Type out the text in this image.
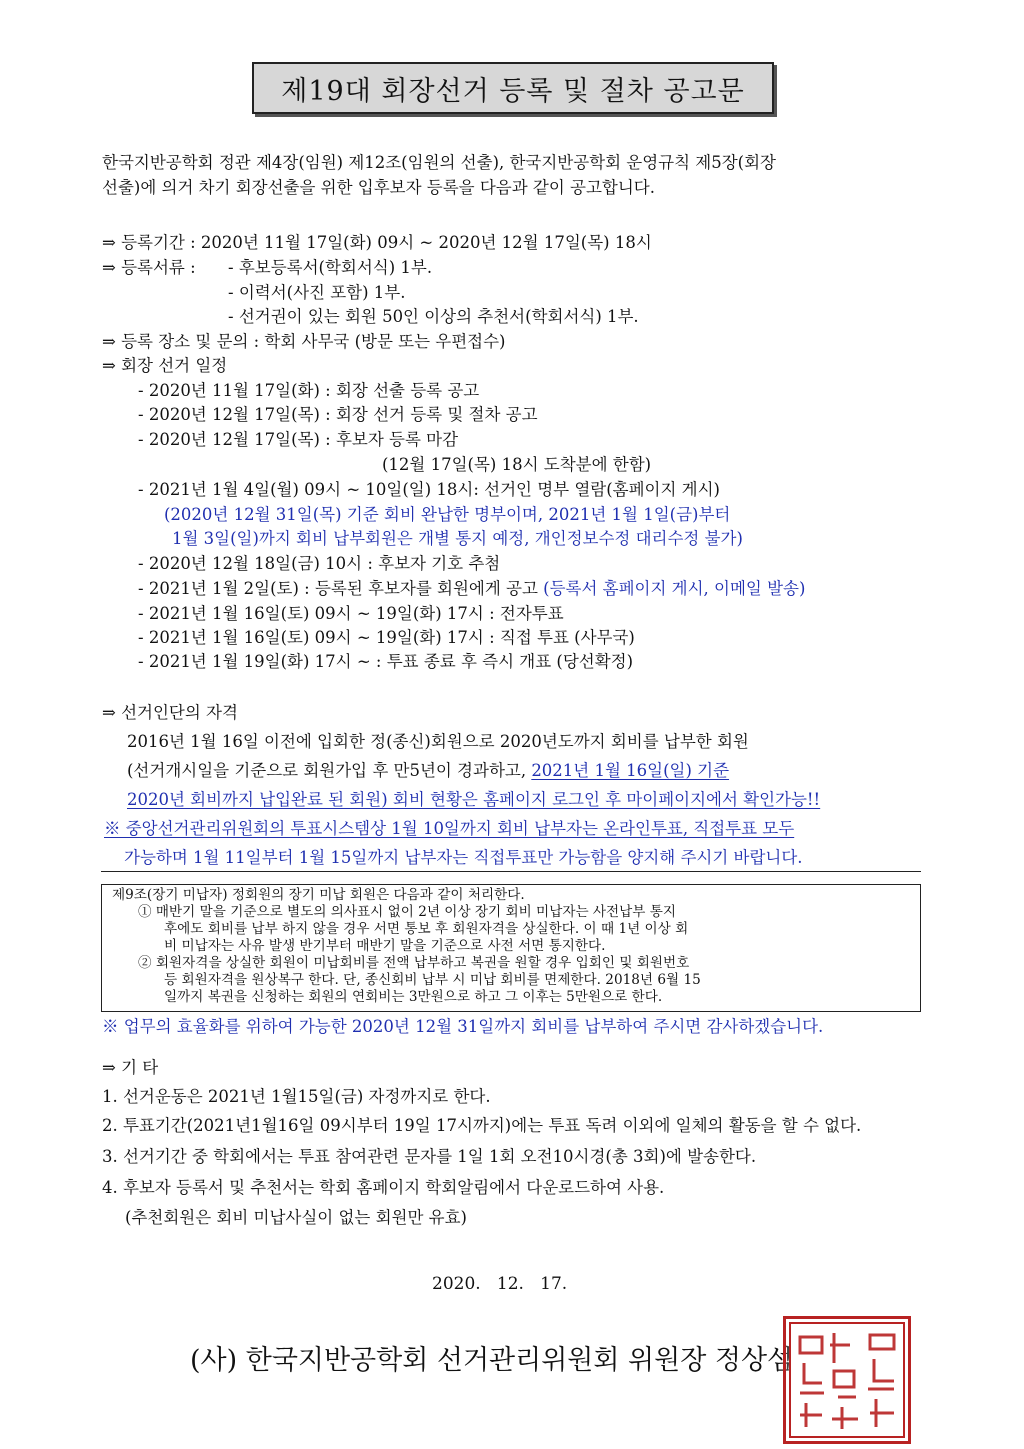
제19대 회장선거 등록 및 절차 공고문
한국지반공학회 정관 제4장(임원) 제12조(임원의 선출), 한국지반공학회 운영규칙 제5장(회장
선출)에 의거 차기 회장선출을 위한 입후보자 등록을 다음과 같이 공고합니다.
⇒ 등록기간 : 2020년 11월 17일(화) 09시 ~ 2020년 12월 17일(목) 18시
⇒ 등록서류 : - 후보등록서(학회서식) 1부.
- 이력서(사진 포함) 1부.
- 선거권이 있는 회원 50인 이상의 추천서(학회서식) 1부.
⇒ 등록 장소 및 문의 : 학회 사무국 (방문 또는 우편접수)
⇒ 회장 선거 일정
- 2020년 11월 17일(화) : 회장 선출 등록 공고
- 2020년 12월 17일(목) : 회장 선거 등록 및 절차 공고
- 2020년 12월 17일(목) : 후보자 등록 마감
(12월 17일(목) 18시 도착분에 한함)
- 2021년 1월 4일(월) 09시 ~ 10일(일) 18시: 선거인 명부 열람(홈페이지 게시)
(2020년 12월 31일(목) 기준 회비 완납한 명부이며, 2021년 1월 1일(금)부터
1월 3일(일)까지 회비 납부회원은 개별 통지 예정, 개인정보수정 대리수정 불가)
- 2020년 12월 18일(금) 10시 : 후보자 기호 추첨
- 2021년 1월 2일(토) : 등록된 후보자를 회원에게 공고 (등록서 홈페이지 게시, 이메일 발송)
- 2021년 1월 16일(토) 09시 ~ 19일(화) 17시 : 전자투표
- 2021년 1월 16일(토) 09시 ~ 19일(화) 17시 : 직접 투표 (사무국)
- 2021년 1월 19일(화) 17시 ~ : 투표 종료 후 즉시 개표 (당선확정)
⇒ 선거인단의 자격
2016년 1월 16일 이전에 입회한 정(종신)회원으로 2020년도까지 회비를 납부한 회원
(선거개시일을 기준으로 회원가입 후 만5년이 경과하고, 2021년 1월 16일(일) 기준
2020년 회비까지 납입완료 된 회원) 회비 현황은 홈페이지 로그인 후 마이페이지에서 확인가능!!
※ 중앙선거관리위원회의 투표시스템상 1월 10일까지 회비 납부자는 온라인투표, 직접투표 모두
가능하며 1월 11일부터 1월 15일까지 납부자는 직접투표만 가능함을 양지해 주시기 바랍니다.
제9조(장기 미납자) 정회원의 장기 미납 회원은 다음과 같이 처리한다.
① 매반기 말을 기준으로 별도의 의사표시 없이 2년 이상 장기 회비 미납자는 사전납부 통지
후에도 회비를 납부 하지 않을 경우 서면 통보 후 회원자격을 상실한다. 이 때 1년 이상 회
비 미납자는 사유 발생 반기부터 매반기 말을 기준으로 사전 서면 통지한다.
② 회원자격을 상실한 회원이 미납회비를 전액 납부하고 복권을 원할 경우 입회인 및 회원번호
등 회원자격을 원상복구 한다. 단, 종신회비 납부 시 미납 회비를 면제한다. 2018년 6월 15
일까지 복권을 신청하는 회원의 연회비는 3만원으로 하고 그 이후는 5만원으로 한다.
※ 업무의 효율화를 위하여 가능한 2020년 12월 31일까지 회비를 납부하여 주시면 감사하겠습니다.
⇒ 기 타
1. 선거운동은 2021년 1월15일(금) 자정까지로 한다.
2. 투표기간(2021년1월16일 09시부터 19일 17시까지)에는 투표 독려 이외에 일체의 활동을 할 수 없다.
3. 선거기간 중 학회에서는 투표 참여관련 문자를 1일 1회 오전10시경(총 3회)에 발송한다.
4. 후보자 등록서 및 추천서는 학회 홈페이지 학회알림에서 다운로드하여 사용.
(추천회원은 회비 미납사실이 없는 회원만 유효)
2020.   12.   17.
(사) 한국지반공학회 선거관리위원회 위원장 정상섬
